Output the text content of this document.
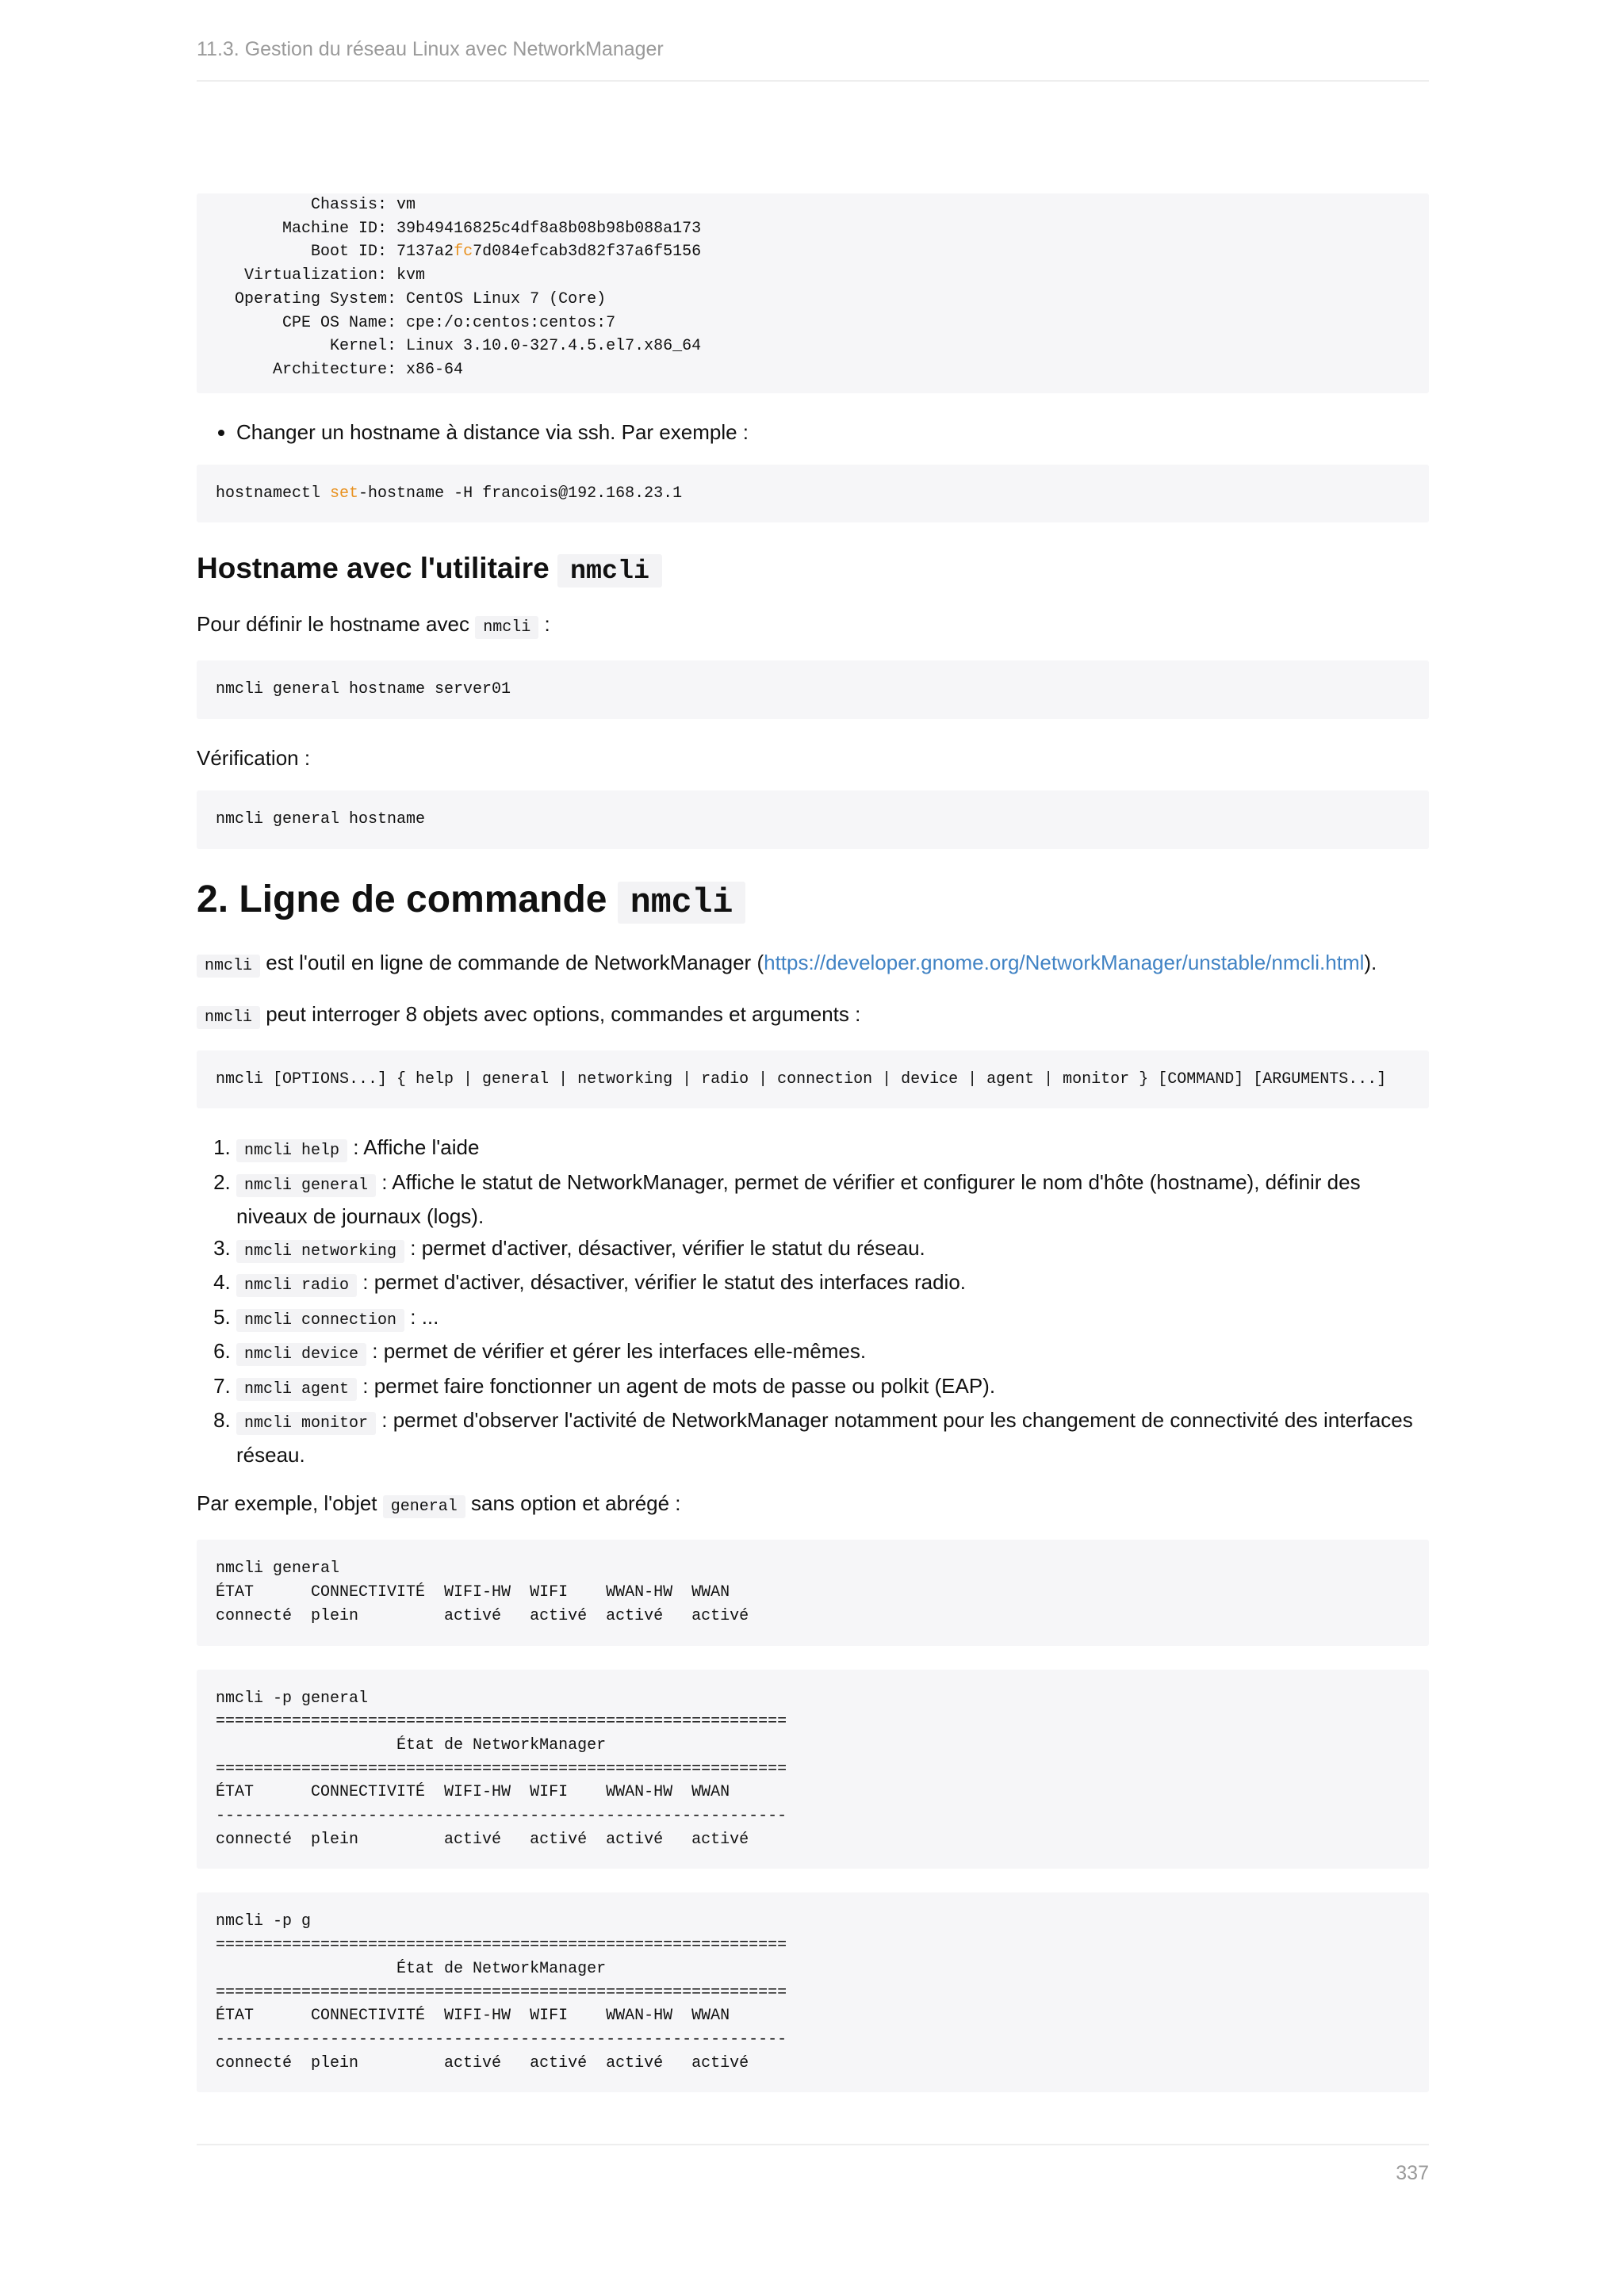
11.3. Gestion du réseau Linux avec NetworkManager
Chassis: vm
Machine ID: 39b49416825c4df8a8b08b98b088a173
Boot ID: 7137a2fc7d084efcab3d82f37a6f5156
Virtualization: kvm
Operating System: CentOS Linux 7 (Core)
CPE OS Name: cpe:/o:centos:centos:7
Kernel: Linux 3.10.0-327.4.5.el7.x86_64
Architecture: x86-64
• Changer un hostname à distance via ssh. Par exemple :
hostnamectl set-hostname -H francois@192.168.23.1
Hostname avec l'utilitaire nmcli

Pour définir le hostname avec nmcli :

nmcli general hostname server01

Vérification :

nmcli general hostname
2. Ligne de commande nmcli

nmcli est l'outil en ligne de commande de NetworkManager (https://developer.gnome.org/NetworkManager/unstable/nmcli.html).

nmcli peut interroger 8 objets avec options, commandes et arguments :

nmcli [OPTIONS...] { help | general | networking | radio | connection | device | agent | monitor } [COMMAND] [ARGUMENTS...]
1. nmcli help : Affiche l'aide
2. nmcli general : Affiche le statut de NetworkManager, permet de vérifier et configurer le nom d'hôte (hostname), définir des niveaux de journaux (logs).
3. nmcli networking : permet d'activer, désactiver, vérifier le statut du réseau.
4. nmcli radio : permet d'activer, désactiver, vérifier le statut des interfaces radio.
5. nmcli connection : ...
6. nmcli device : permet de vérifier et gérer les interfaces elle-mêmes.
7. nmcli agent : permet faire fonctionner un agent de mots de passe ou polkit (EAP).
8. nmcli monitor : permet d'observer l'activité de NetworkManager notamment pour les changement de connectivité des interfaces réseau.

Par exemple, l'objet general sans option et abrégé :

nmcli general
ÉTAT      CONNECTIVITÉ  WIFI-HW  WIFI    WWAN-HW  WWAN
connecté  plein         activé   activé  activé   activé
nmcli -p general
============================================================
État de NetworkManager
============================================================
ÉTAT      CONNECTIVITÉ  WIFI-HW  WIFI    WWAN-HW  WWAN
------------------------------------------------------------
connecté  plein         activé   activé  activé   activé
nmcli -p g
============================================================
État de NetworkManager
============================================================
ÉTAT      CONNECTIVITÉ  WIFI-HW  WIFI    WWAN-HW  WWAN
------------------------------------------------------------
connecté  plein         activé   activé  activé   activé
337
